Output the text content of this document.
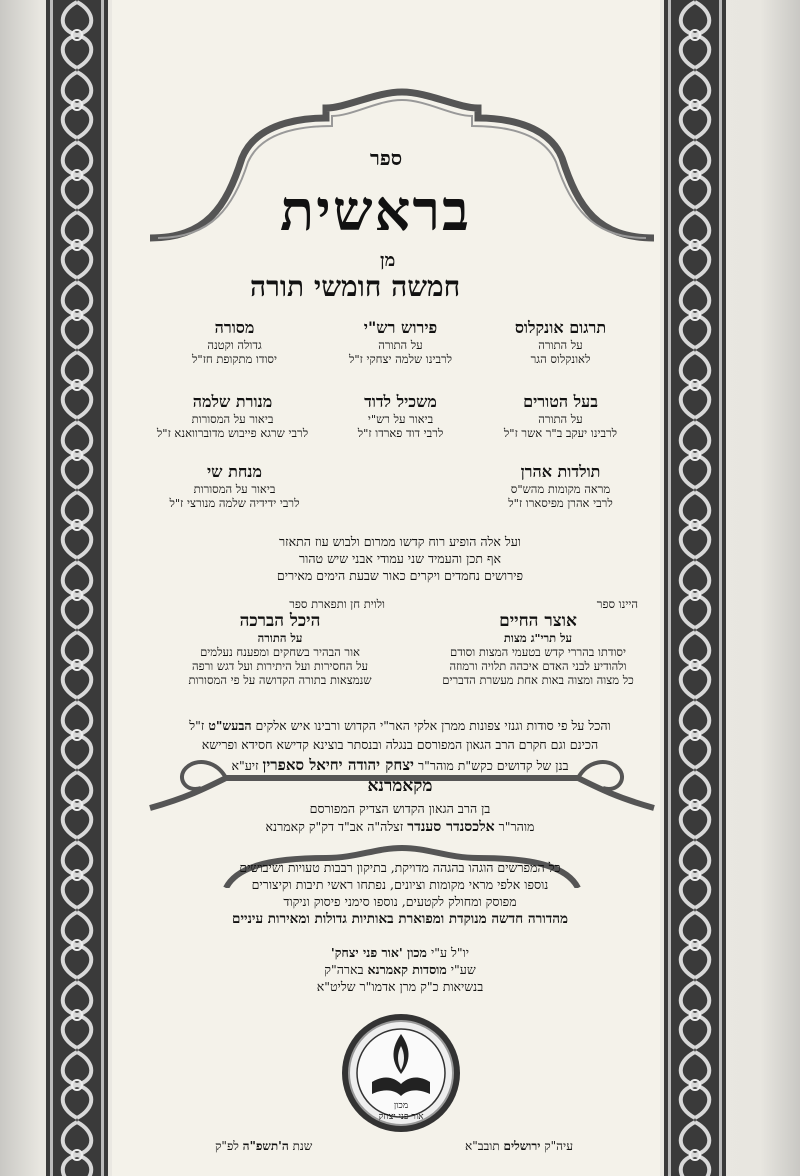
ספר
בראשית
מן
חמשה חומשי תורה
תרגום אונקלוס
על התורה
לאונקלוס הגר
פירוש רש"י
על התורה
לרבינו שלמה יצחקי ז"ל
מסורה
גדולה וקטנה
יסודו מתקופת חז"ל
בעל הטורים
על התורה
לרבינו יעקב ב"ר אשר ז"ל
משכיל לדוד
ביאור על רש"י
לרבי דוד פארדו ז"ל
מנורת שלמה
ביאור על המסורות
לרבי שרגא פייבוש מדוברוואנא ז"ל
תולדות אהרן
מראה מקומות מהש"ס
לרבי אהרן מפיסארו ז"ל
מנחת שי
ביאור על המסורות
לרבי ידידיה שלמה מנורצי ז"ל
ועל אלה הופיע רוח קדשו ממרום ולבוש עוז התאזר
אף תכן והעמיד שני עמודי אבני שיש טהור
פירושים נחמדים ויקרים כאור שבעת הימים מאירים
היינו ספר
אוצר החיים
על תרי"ג מצות
יסודתו בהררי קדש בטעמי המצות וסודם
ולהודיע לבני האדם איכהה תלויה ורמוזה
כל מצוה ומצוה באות אחת מעשרת הדברים
ולוית חן ותפארת ספר
היכל הברכה
על התורה
אור הבהיר בשחקים ומפענח נעלמים
על החסירות ועל היתירות ועל דגש ורפה
שנמצאות בתורה הקדושה על פי המסורות
והכל על פי סודות וגנזי צפונות ממרן אלקי האר"י הקדוש ורבינו איש אלקים הבעש"ט ז"ל
הכינם וגם חקרם הרב הגאון המפורסם בנגלה ובנסתר בוצינא קדישא חסידא ופרישא
בנן של קדושים כקש"ת מוהר"ר יצחק יהודה יחיאל סאפרין זיע"א
מקאמרנא
בן הרב הגאון הקדוש הצדיק המפורסם
מוהר"ר אלכסנדר סענדר זצלה"ה אב"ד דק"ק קאמרנא
כל המפרשים הוגהו בהגהה מדויקת, בתיקון רבבות טעויות ושיבושים
נוספו אלפי מראי מקומות וציונים, נפתחו ראשי תיבות וקיצורים
מפוסק ומחולק לקטעים, נוספו סימני פיסוק וניקוד
מהדורה חדשה מנוקדת ומפוארת באותיות גדולות ומאירות עיניים
יו"ל ע"י מכון 'אור פני יצחק'
שע"י מוסדות קאמרנא בארה"ק
בנשיאות כ"ק מרן אדמו"ר שליט"א
מכון
אור פני יצחק
עיה"ק ירושלים תובב"א
שנת ה'תשפ"ה לפ"ק
